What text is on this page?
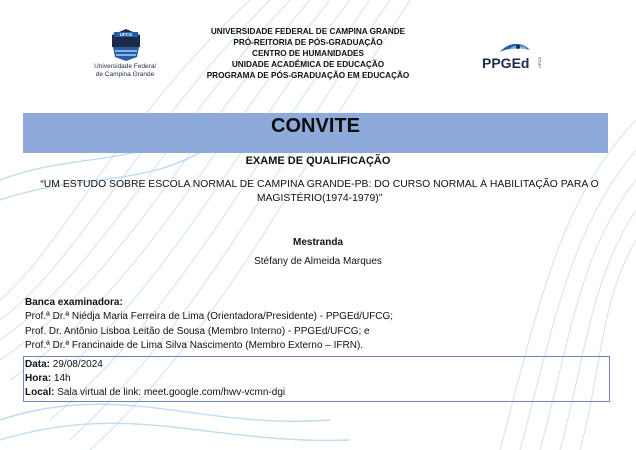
UFCG
Universidade Federal
de Campina Grande
UNIVERSIDADE FEDERAL DE CAMPINA GRANDE
PRÓ-REITORIA DE PÓS-GRADUAÇÃO
CENTRO DE HUMANIDADES
UNIDADE ACADÊMICA DE EDUCAÇÃO
PROGRAMA DE PÓS-GRADUAÇÃO EM EDUCAÇÃO
PPGEd UFCG
CONVITE
EXAME DE QUALIFICAÇÃO
“UM ESTUDO SOBRE ESCOLA NORMAL DE CAMPINA GRANDE-PB: DO CURSO NORMAL À HABILITAÇÃO PARA O MAGISTÉRIO(1974-1979)”
Mestranda
Stéfany de Almeida Marques
Banca examinadora:
Prof.ª Dr.ª Niédja Maria Ferreira de Lima (Orientadora/Presidente) - PPGEd/UFCG;
Prof. Dr. Antônio Lisboa Leitão de Sousa (Membro Interno) - PPGEd/UFCG; e
Prof.ª Dr.ª Francinaide de Lima Silva Nascimento (Membro Externo – IFRN).
Data: 29/08/2024
Hora: 14h
Local: Sala virtual de link: meet.google.com/hwv-vcmn-dgi
